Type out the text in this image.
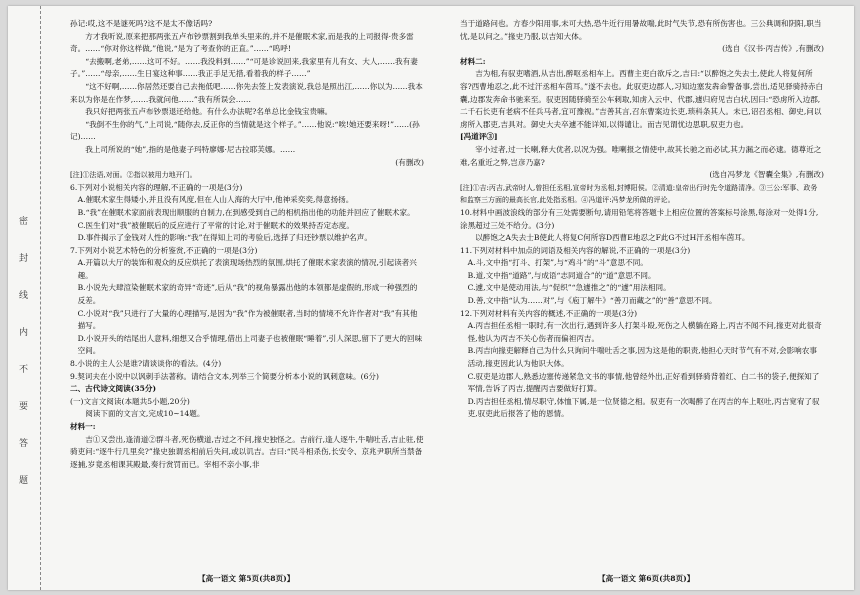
密
封
线
内
不
要
答
题

孙记:哎,这不是谜死吗?这不是太不像话吗?

方才我听说,原来把那两张五卢布钞票割到我单头里来的,并不是催眠术家,而是我的上司报得·贵多雷奇。……“你对你这样做,”他说,“是为了考查你的正直。”……“呜呼!

“去搬啊,老弟,……这可不好。……我没料到……”“可是诊说回来,我家里有儿有女、大人,……我有妻子。”……“母亲,……生日宴这种事……我正手足无措,看着我的样子……”

“这不好啊,……你居然还要自己去拖低吧……你先去签上发表演说,我总是照出江,……你以为……我本来以为你是在作梦,……我就问他……”我有所误会……

我只好把两张五卢布钞票退还给他。有什么办法呢?名单总比金钱宝贵嘛。

“我倒不生你的气,”上司说,“随你去,反正你的当情就是这个样子。”……他说:“唉!她还要来呀!”……(孙记)……

我上司所说的“她”,指的是他妻子玛特廖娜·尼古拉耶芙娜。……

(有删改)

[注]①法语,对面。②指以被用力地开门。

6.下列对小说相关内容的理解,不正确的一项是(3分)

A.催眠术家生得矮小,并且没有风度,但在人山人海的大厅中,他神采奕奕,得意扬扬。

B.“我”在催眠术家面前表现出顺服的自制力,在到感受到自己的相机指出他的功能并回应了催眠术家。

C.医生们对“我”被催眠后的反应进行了平常的讨论,对于催眠术的效果持否定态度。

D.事件揭示了金钱对人性的影响:“我”在得知上司的考验后,选择了归还钞票以维护名声。

7.下列对小说艺术特色的分析鉴赏,不正确的一项是(3分)

A.开篇以大厅的装饰和观众的反应烘托了表演现场热烈的氛围,烘托了催眠术家表演的情况,引起读者兴趣。

B.小说先大肆渲染催眠术家的奇异“奇迹”,后从“我”的视角暴露出他的本领都是虚假的,形成一种强烈的反差。

C.小说对“我”只进行了大量的心理描写,是因为“我”作为被催眠者,当时的情境不允许作者对“我”有其他描写。

D.小说开头的结尾出人意料,细想又合乎情理,借出上司妻子也被催眠“睡着”,引人深思,留下了更大的回味空间。

8.小说的主人公是谁?请谈谈你的看法。(4分)

9.契诃夫在小说中以讽刺手法著称。请结合文本,列举三个简要分析本小说的讽刺意味。(6分)

二、古代诗文阅读(35分)

(一)文言文阅读(本题共5小题,20分)

阅读下面的文言文,完成10~14题。

材料一:

吉①又尝出,逢清道②群斗者,死伤横道,吉过之不问,掾史独怪之。吉前行,逢人逐牛,牛喘吐舌,吉止驻,使骑吏问:“逐牛行几里矣?”掾史独谓丞相前后失问,或以讥吉。吉曰:“民斗相杀伤,长安令、京兆尹职所当禁备逐捕,岁竟丞相课其殿最,奏行赏罚而已。宰相不亲小事,非

当于道路问也。方春少阳用事,未可大热,恐牛近行用暑故喘,此时气失节,恐有所伤害也。三公典调和阴阳,职当忧,是以问之。”掾史乃服,以吉知大体。

(选自《汉书·丙吉传》,有删改)

材料二:

吉为相,有驭吏嗜酒,从吉出,醉呕丞相车上。西曹主吏白欲斥之,吉曰:“以醉饱之失去士,使此人将复何所容?西曹地忍之,此不过汗丞相车茵耳。”遂不去也。此驭吏边郡人,习知边塞发犇命警备事,尝出,适见驿骑持赤白囊,边郡发奔命书驰来至。驭吏因随驿骑至公车刺取,知虏入云中、代郡,遽归府见吉白状,因曰:“恐虏所入边郡,二千石长吏有老病不任兵马者,宜可豫视。”吉善其言,召东曹案边长吏,琐科条其人。未已,诏召丞相、御史,问以虏所入郡吏,吉具对。御史大夫卒遽不能详知,以得谴让。而吉见谓忧边思职,驭吏力也。

[冯道评③]

宰小过者,过一长喇,释大优者,以况为强。唯喇报之情使中,故其长驰之而必试,其力漏之而必逮。德尊近之难,名重近之弊,岂彦乃嘉?

(选自冯梦龙《智囊全集》,有删改)

[注]①吉:丙吉,武帝时人,曾担任丞相,宣帝时为丞相,封博阳侯。②清道:皇帝出行时先令道路清净。③三公:军事、政务和监察三方面的最高长官,此处指丞相。④冯道评:冯梦龙所做的评论。

10.材料中画波浪线的部分有三处需要断句,请用铅笔将答题卡上相应位置的答案标号涂黑,每涂对一处得1分,涂黑超过三处不给分。(3分)

以醉饱之A失去士B使此人将复C何所容D西曹E地忍之F此G不过H汗丞相车茵耳。

11.下列对材料中加点的词语及相关内容的解说,不正确的一项是(3分)

A.斗,文中指“打斗、打架”,与“鸡斗”的“斗”意思不同。

B.道,文中指“道路”,与成语“志同道合”的“道”意思不同。

C.遽,文中是使动用法,与“促织”“急遽推之”的“遽”用法相同。

D.善,文中指“认为……对”,与《庖丁解牛》“善刀而藏之”的“善”意思不同。

12.下列对材料有关内容的概述,不正确的一项是(3分)

A.丙吉担任丞相一职时,有一次出行,遇到许多人打架斗殴,死伤之人横躺在路上,丙吉不闻不问,掾吏对此很奇怪,他认为丙吉不关心伤者而偏袒丙吉。

B.丙吉向掾吏解释自己为什么只询问牛喘吐舌之事,因为这是他的职责,他担心天时节气有不对,会影响农事活动,掾吏因此认为他识大体。

C.驭吏是边郡人,熟悉边塞传递紧急文书的事情,他曾经外出,正好看到驿骑背着红、白二书的袋子,便探知了军情,告诉了丙吉,提醒丙吉要做好打算。

D.丙吉担任丞相,情尽职守,体恤下属,是一位贤德之相。驭吏有一次喝醉了在丙吉的车上呕吐,丙吉宽宥了驭吏,驭吏此后报答了他的恩情。

【高一语文 第5页(共8页)】	【高一语文 第6页(共8页)】
